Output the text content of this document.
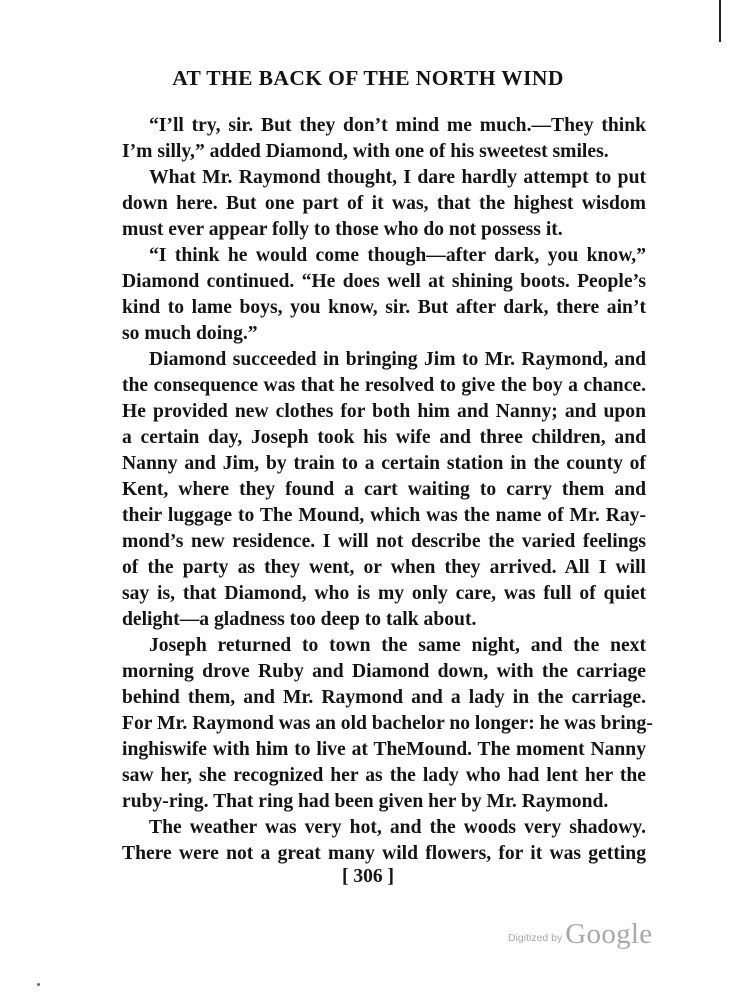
AT THE BACK OF THE NORTH WIND
“I’ll try, sir. But they don’t mind me much.—They think
I’m silly,” added Diamond, with one of his sweetest smiles.
What Mr. Raymond thought, I dare hardly attempt to put
down here. But one part of it was, that the highest wisdom
must ever appear folly to those who do not possess it.
“I think he would come though—after dark, you know,”
Diamond continued. “He does well at shining boots. People’s
kind to lame boys, you know, sir. But after dark, there ain’t
so much doing.”
Diamond succeeded in bringing Jim to Mr. Raymond, and
the consequence was that he resolved to give the boy a chance.
He provided new clothes for both him and Nanny; and upon
a certain day, Joseph took his wife and three children, and
Nanny and Jim, by train to a certain station in the county of
Kent, where they found a cart waiting to carry them and
their luggage to The Mound, which was the name of Mr. Ray-
mond’s new residence. I will not describe the varied feelings
of the party as they went, or when they arrived. All I will
say is, that Diamond, who is my only care, was full of quiet
delight—a gladness too deep to talk about.
Joseph returned to town the same night, and the next
morning drove Ruby and Diamond down, with the carriage
behind them, and Mr. Raymond and a lady in the carriage.
For Mr. Raymond was an old bachelor no longer: he was bring-
inghiswife with him to live at TheMound. The moment Nanny
saw her, she recognized her as the lady who had lent her the
ruby-ring. That ring had been given her by Mr. Raymond.
The weather was very hot, and the woods very shadowy.
There were not a great many wild flowers, for it was getting
[ 306 ]
Digitized by Google
